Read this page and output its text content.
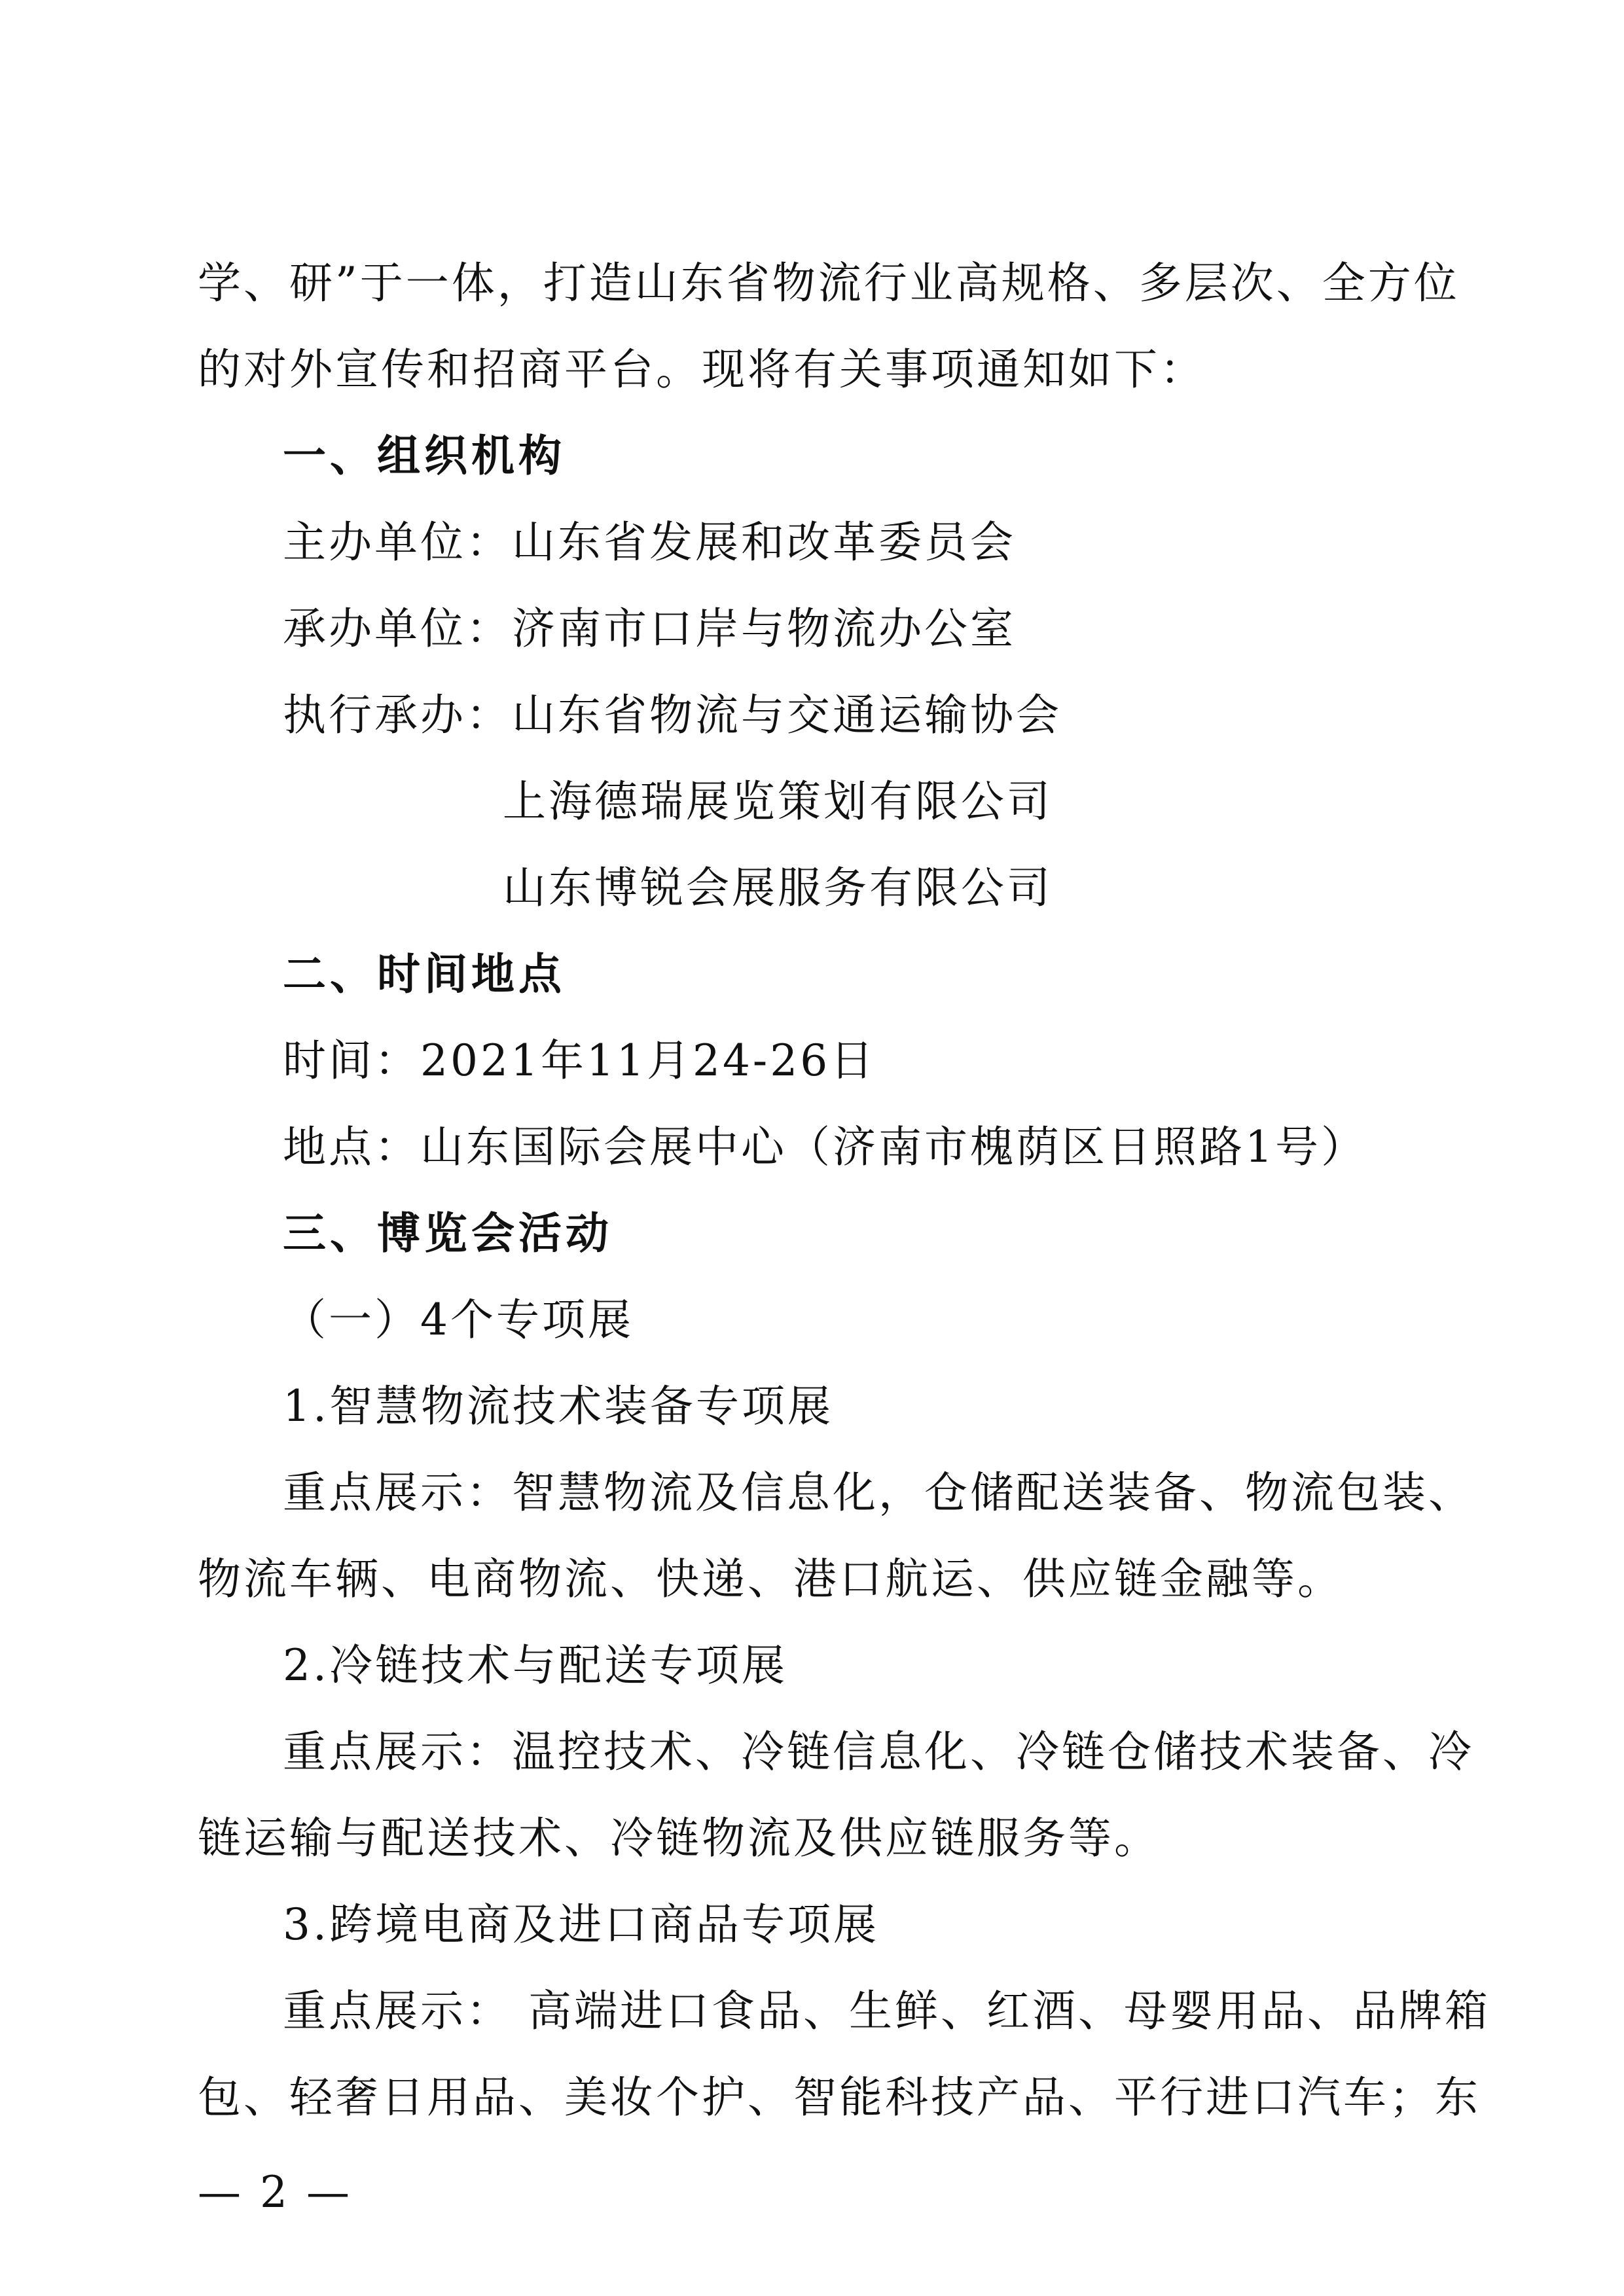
学、研”于一体，打造山东省物流行业高规格、多层次、全方位
的对外宣传和招商平台。现将有关事项通知如下：
一、组织机构
主办单位：山东省发展和改革委员会
承办单位：济南市口岸与物流办公室
执行承办：山东省物流与交通运输协会
上海德瑞展览策划有限公司
山东博锐会展服务有限公司
二、时间地点
时间：2021年11月24-26日
地点：山东国际会展中心（济南市槐荫区日照路1号）
三、博览会活动
（一）4个专项展
1.智慧物流技术装备专项展
重点展示：智慧物流及信息化，仓储配送装备、物流包装、
物流车辆、电商物流、快递、港口航运、供应链金融等。
2.冷链技术与配送专项展
重点展示：温控技术、冷链信息化、冷链仓储技术装备、冷
链运输与配送技术、冷链物流及供应链服务等。
3.跨境电商及进口商品专项展
重点展示： 高端进口食品、生鲜、红酒、母婴用品、品牌箱
包、轻奢日用品、美妆个护、智能科技产品、平行进口汽车；东
— 2 —
